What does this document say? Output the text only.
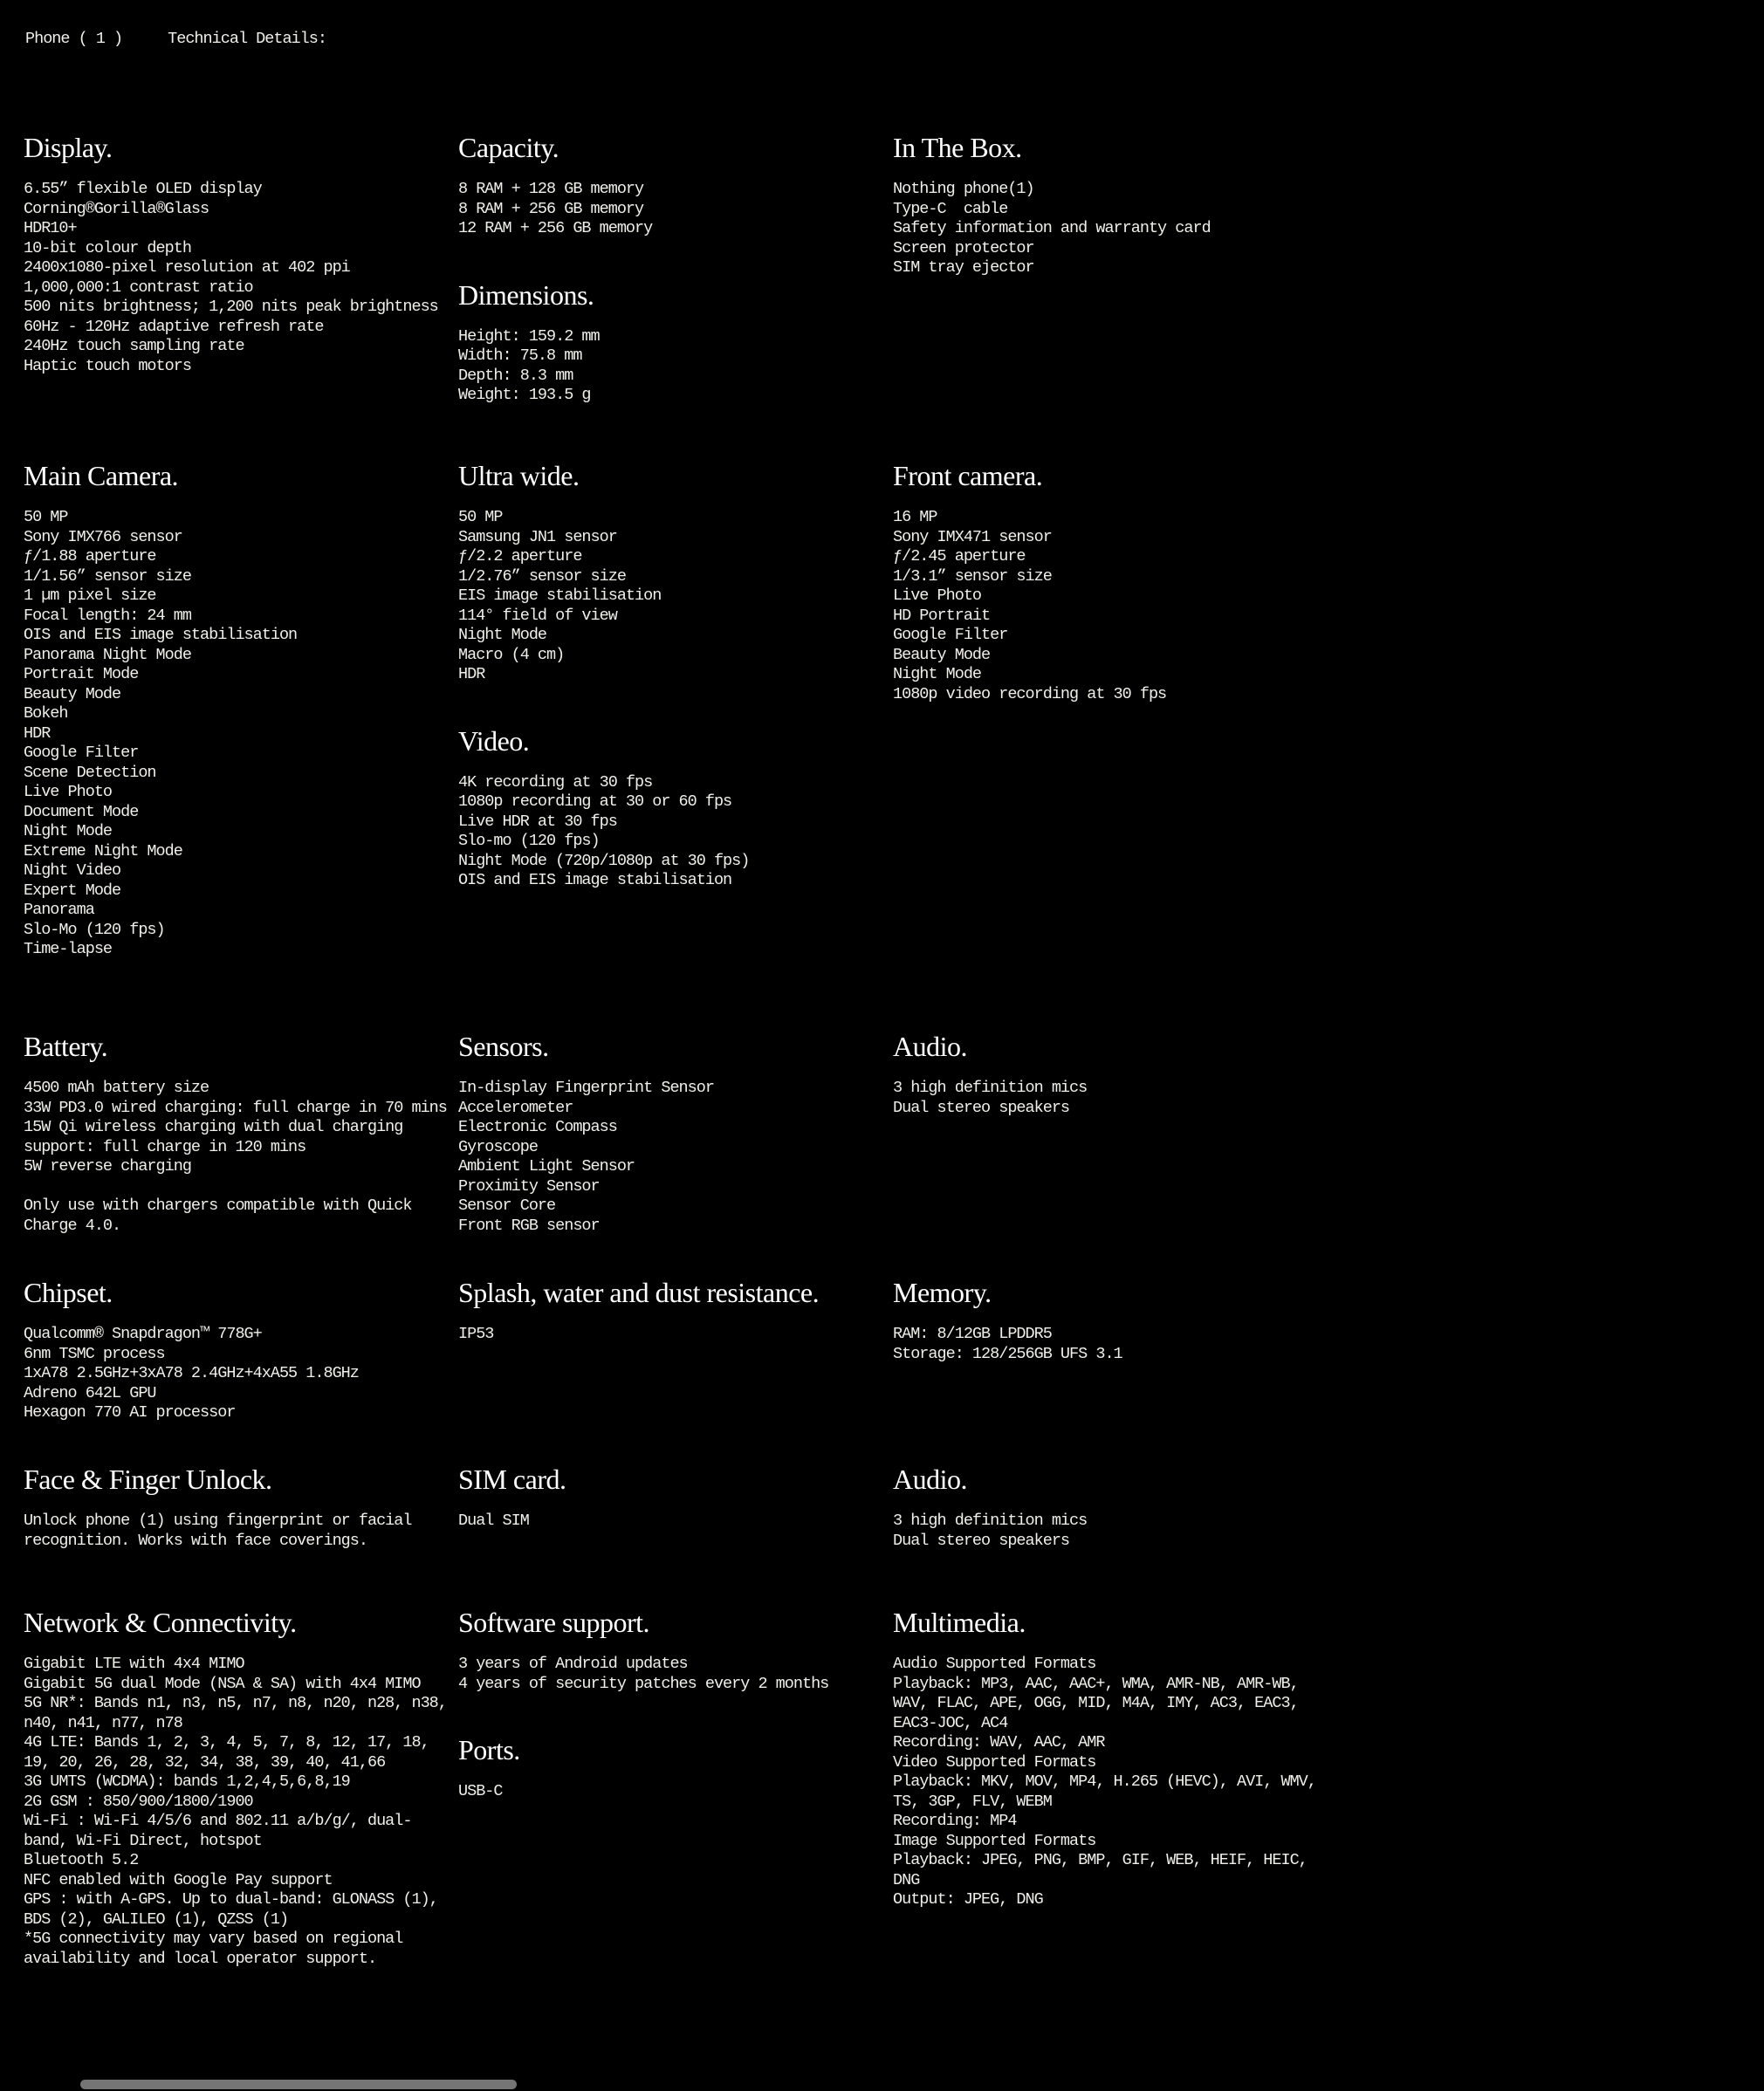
Phone ( 1 )	Technical Details:
Display.
6.55” flexible OLED display
Corning®Gorilla®Glass
HDR10+
10-bit colour depth
2400x1080-pixel resolution at 402 ppi
1,000,000:1 contrast ratio
500 nits brightness; 1,200 nits peak brightness
60Hz - 120Hz adaptive refresh rate
240Hz touch sampling rate
Haptic touch motors
Capacity.
8 RAM + 128 GB memory
8 RAM + 256 GB memory
12 RAM + 256 GB memory
Dimensions.
Height: 159.2 mm
Width: 75.8 mm
Depth: 8.3 mm
Weight: 193.5 g
In The Box.
Nothing phone(1)
Type-C  cable
Safety information and warranty card
Screen protector
SIM tray ejector
Main Camera.
50 MP
Sony IMX766 sensor
ƒ/1.88 aperture
1/1.56” sensor size
1 µm pixel size
Focal length: 24 mm
OIS and EIS image stabilisation
Panorama Night Mode
Portrait Mode
Beauty Mode
Bokeh
HDR
Google Filter
Scene Detection
Live Photo
Document Mode
Night Mode
Extreme Night Mode
Night Video
Expert Mode
Panorama
Slo-Mo (120 fps)
Time-lapse
Ultra wide.
50 MP
Samsung JN1 sensor
ƒ/2.2 aperture
1/2.76” sensor size
EIS image stabilisation
114° field of view
Night Mode
Macro (4 cm)
HDR
Video.
4K recording at 30 fps
1080p recording at 30 or 60 fps
Live HDR at 30 fps
Slo-mo (120 fps)
Night Mode (720p/1080p at 30 fps)
OIS and EIS image stabilisation
Front camera.
16 MP
Sony IMX471 sensor
ƒ/2.45 aperture
1/3.1” sensor size
Live Photo
HD Portrait
Google Filter
Beauty Mode
Night Mode
1080p video recording at 30 fps
Battery.
4500 mAh battery size
33W PD3.0 wired charging: full charge in 70 mins
15W Qi wireless charging with dual charging support: full charge in 120 mins
5W reverse charging

Only use with chargers compatible with Quick Charge 4.0.
Sensors.
In-display Fingerprint Sensor
Accelerometer
Electronic Compass
Gyroscope
Ambient Light Sensor
Proximity Sensor
Sensor Core
Front RGB sensor
Audio.
3 high definition mics
Dual stereo speakers
Chipset.
Qualcomm® Snapdragon™ 778G+
6nm TSMC process
1xA78 2.5GHz+3xA78 2.4GHz+4xA55 1.8GHz
Adreno 642L GPU
Hexagon 770 AI processor
Splash, water and dust resistance.
IP53
Memory.
RAM: 8/12GB LPDDR5
Storage: 128/256GB UFS 3.1
Face & Finger Unlock.
Unlock phone (1) using fingerprint or facial recognition. Works with face coverings.
SIM card.
Dual SIM
Audio.
3 high definition mics
Dual stereo speakers
Network & Connectivity.
Gigabit LTE with 4x4 MIMO
Gigabit 5G dual Mode (NSA & SA) with 4x4 MIMO
5G NR*: Bands n1, n3, n5, n7, n8, n20, n28, n38, n40, n41, n77, n78
4G LTE: Bands 1, 2, 3, 4, 5, 7, 8, 12, 17, 18, 19, 20, 26, 28, 32, 34, 38, 39, 40, 41,66
3G UMTS (WCDMA): bands 1,2,4,5,6,8,19
2G GSM : 850/900/1800/1900
Wi-Fi : Wi-Fi 4/5/6 and 802.11 a/b/g/, dual-band, Wi-Fi Direct, hotspot
Bluetooth 5.2
NFC enabled with Google Pay support
GPS : with A-GPS. Up to dual-band: GLONASS (1), BDS (2), GALILEO (1), QZSS (1)
*5G connectivity may vary based on regional availability and local operator support.
Software support.
3 years of Android updates
4 years of security patches every 2 months
Ports.
USB-C
Multimedia.
Audio Supported Formats
Playback: MP3, AAC, AAC+, WMA, AMR-NB, AMR-WB, WAV, FLAC, APE, OGG, MID, M4A, IMY, AC3, EAC3, EAC3-JOC, AC4
Recording: WAV, AAC, AMR
Video Supported Formats
Playback: MKV, MOV, MP4, H.265 (HEVC), AVI, WMV, TS, 3GP, FLV, WEBM
Recording: MP4
Image Supported Formats
Playback: JPEG, PNG, BMP, GIF, WEB, HEIF, HEIC, DNG
Output: JPEG, DNG
